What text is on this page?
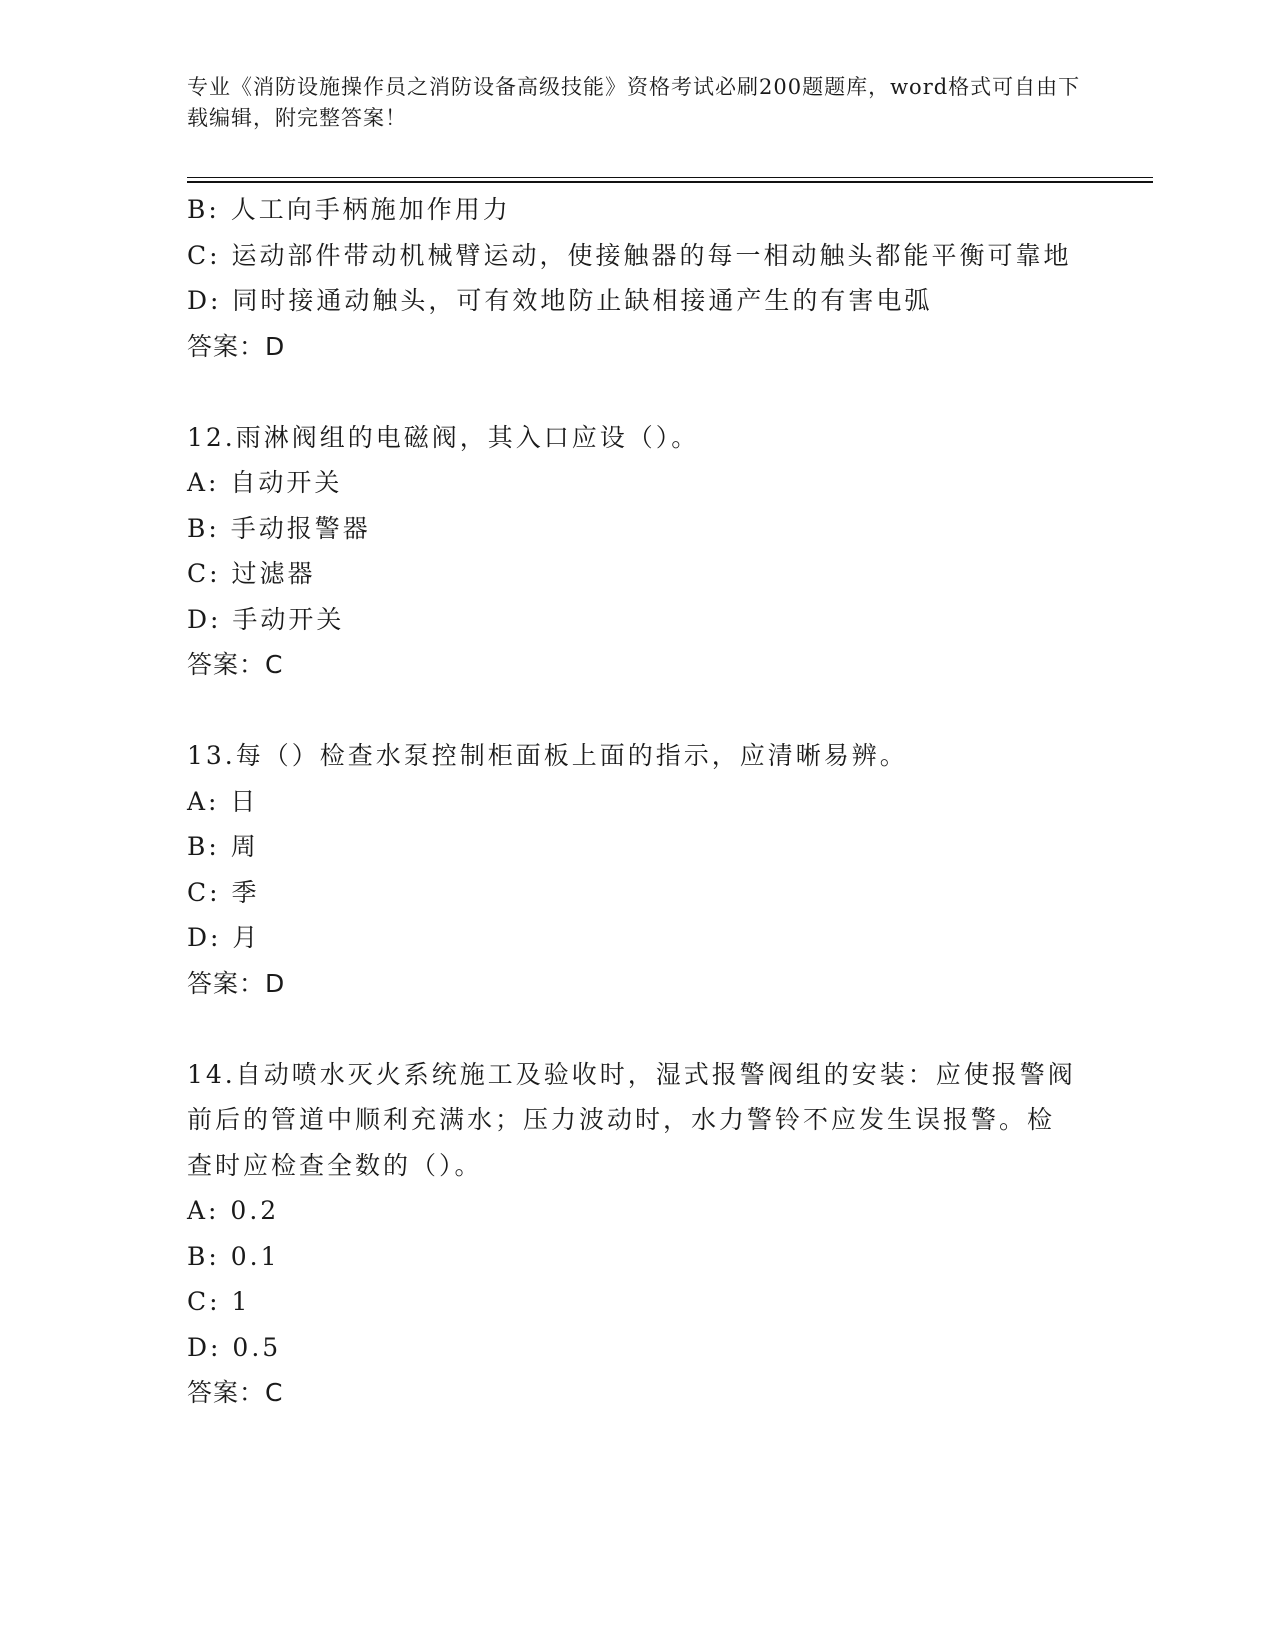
专业《消防设施操作员之消防设备高级技能》资格考试必刷200题题库，word格式可自由下载编辑，附完整答案！
B: 人工向手柄施加作用力
C: 运动部件带动机械臂运动，使接触器的每一相动触头都能平衡可靠地
D: 同时接通动触头，可有效地防止缺相接通产生的有害电弧
答案：D
12.雨淋阀组的电磁阀，其入口应设（）。
A: 自动开关
B: 手动报警器
C: 过滤器
D: 手动开关
答案：C
13.每（）检查水泵控制柜面板上面的指示，应清晰易辨。
A: 日
B: 周
C: 季
D: 月
答案：D
14.自动喷水灭火系统施工及验收时，湿式报警阀组的安装：应使报警阀前后的管道中顺利充满水；压力波动时，水力警铃不应发生误报警。检查时应检查全数的（）。
A: 0.2
B: 0.1
C: 1
D: 0.5
答案：C
